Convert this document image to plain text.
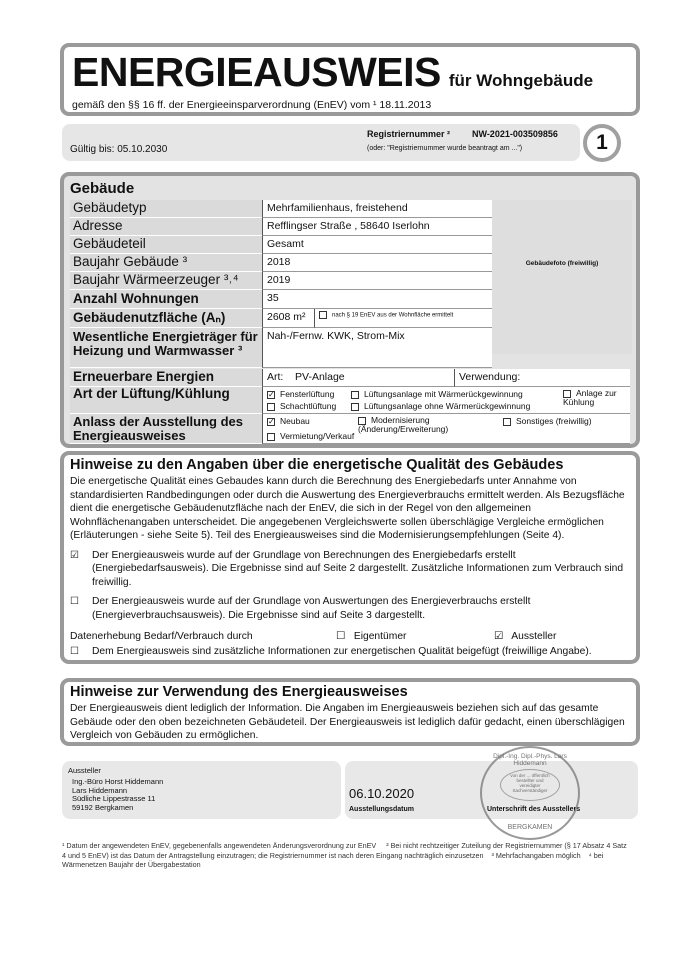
ENERGIEAUSWEIS für Wohngebäude
gemäß den §§ 16 ff. der Energieeinsparverordnung (EnEV) vom ¹ 18.11.2013
Gültig bis: 05.10.2030
Registriernummer ² NW-2021-003509856
(oder: "Registriernummer wurde beantragt am ...")	1
Gebäude
Gebäudefoto (freiwillig)
Gebäudetyp	Mehrfamilienhaus, freistehend
Adresse	Refflingser Straße , 58640 Iserlohn
Gebäudeteil	Gesamt
Baujahr Gebäude ³	2018
Baujahr Wärmeerzeuger ³˒⁴	2019
Anzahl Wohnungen	35
Gebäudenutzfläche (Aₙ)	2608 m²	nach § 19 EnEV aus der Wohnfläche ermittelt
Wesentliche Energieträger für Heizung und Warmwasser ³
Nah-/Fernw. KWK, Strom-Mix
Erneuerbare Energien	Art: PV-Anlage	Verwendung:
Art der Lüftung/Kühlung	✓ Fensterlüftung	Lüftungsanlage mit Wärmerückgewinnung	Anlage zur Kühlung
Schachtlüftung	Lüftungsanlage ohne Wärmerückgewinnung
Anlass der Ausstellung des Energieausweises
✓ Neubau	Modernisierung (Änderung/Erweiterung)
Sonstiges (freiwillig)
Vermietung/Verkauf
Hinweise zu den Angaben über die energetische Qualität des Gebäudes
Die energetische Qualität eines Gebaudes kann durch die Berechnung des Energiebedarfs unter Annahme von standardisierten Randbedingungen oder durch die Auswertung des Energieverbrauchs ermittelt werden. Als Bezugsfläche dient die energetische Gebäudenutzfläche nach der EnEV, die sich in der Regel von den allgemeinen Wohnflächenangaben unterscheidet. Die angegebenen Vergleichswerte sollen überschlägige Vergleiche ermöglichen (Erläuterungen - siehe Seite 5). Teil des Energieausweises sind die Modernisierungsempfehlungen (Seite 4).
☑ Der Energieausweis wurde auf der Grundlage von Berechnungen des Energiebedarfs erstellt (Energiebedarfsausweis). Die Ergebnisse sind auf Seite 2 dargestellt. Zusätzliche Informationen zum Verbrauch sind freiwillig.
☐ Der Energieausweis wurde auf der Grundlage von Auswertungen des Energieverbrauchs erstellt (Energieverbrauchsausweis). Die Ergebnisse sind auf Seite 3 dargestellt.
Datenerhebung Bedarf/Verbrauch durch	☐   Eigentümer	☑   Aussteller
☐ Dem Energieausweis sind zusätzliche Informationen zur energetischen Qualität beigefügt (freiwillige Angabe).
Hinweise zur Verwendung des Energieausweises
Der Energieausweis dient lediglich der Information. Die Angaben im Energieausweis beziehen sich auf das gesamte Gebäude oder den oben bezeichneten Gebäudeteil. Der Energieausweis ist lediglich dafür gedacht, einen überschlägigen Vergleich von Gebäuden zu ermöglichen.
Aussteller
Ing.-Büro Horst Hiddemann
Lars Hiddemann
Südliche Lippestrasse 11
59192 Bergkamen
06.10.2020
Ausstellungsdatum	Unterschrift des Ausstellers
Dipl.-Ing. Dipl.-Phys. Lars Hiddemann
von der ... öffentlich bestellter und vereidigter Sachverständiger
BERGKAMEN
¹ Datum der angewendeten EnEV, gegebenenfalls angewendeten Änderungsverordnung zur EnEV ² Bei nicht rechtzeitiger Zuteilung der Registriernummer (§ 17 Absatz 4 Satz 4 und 5 EnEV) ist das Datum der Antragstellung einzutragen; die Registriernummer ist nach deren Eingang nachträglich einzusetzen ³ Mehrfachangaben möglich ⁴ bei Wärmenetzen Baujahr der Übergabestation
